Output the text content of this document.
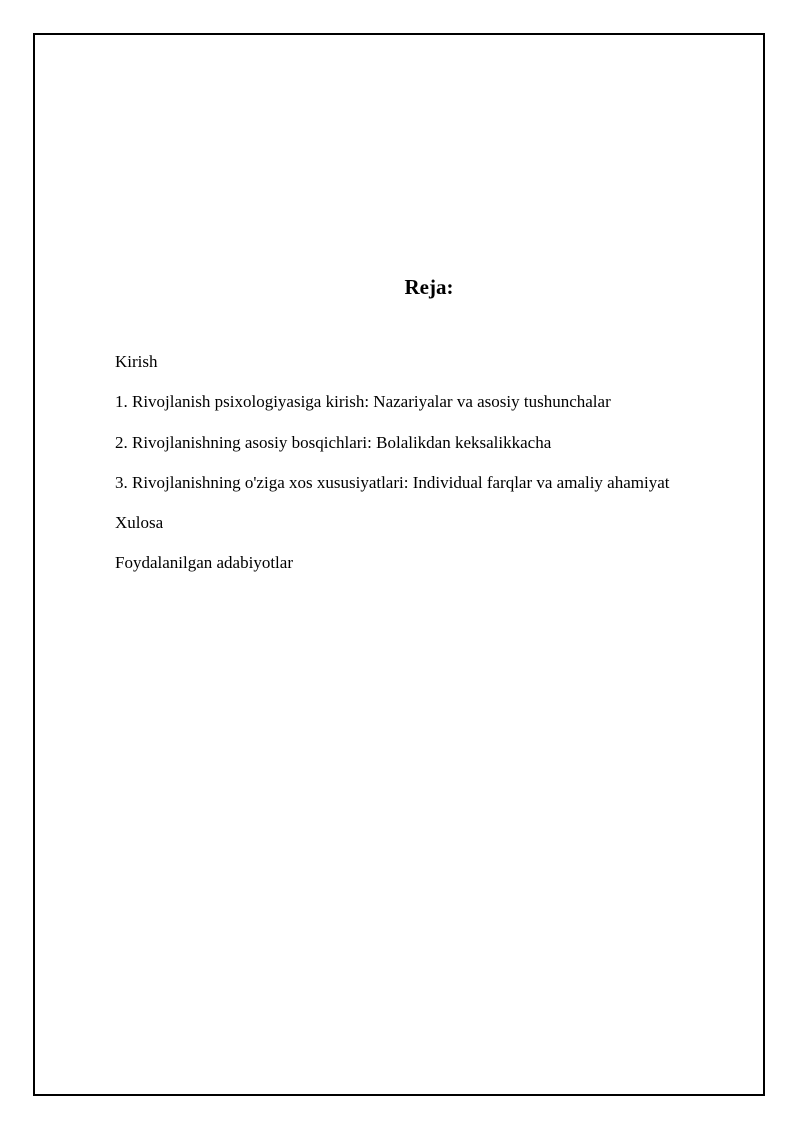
Reja:
Kirish
1. Rivojlanish psixologiyasiga kirish: Nazariyalar va asosiy tushunchalar
2. Rivojlanishning asosiy bosqichlari: Bolalikdan keksalikkacha
3. Rivojlanishning o'ziga xos xususiyatlari: Individual farqlar va amaliy ahamiyat
Xulosa
Foydalanilgan adabiyotlar
